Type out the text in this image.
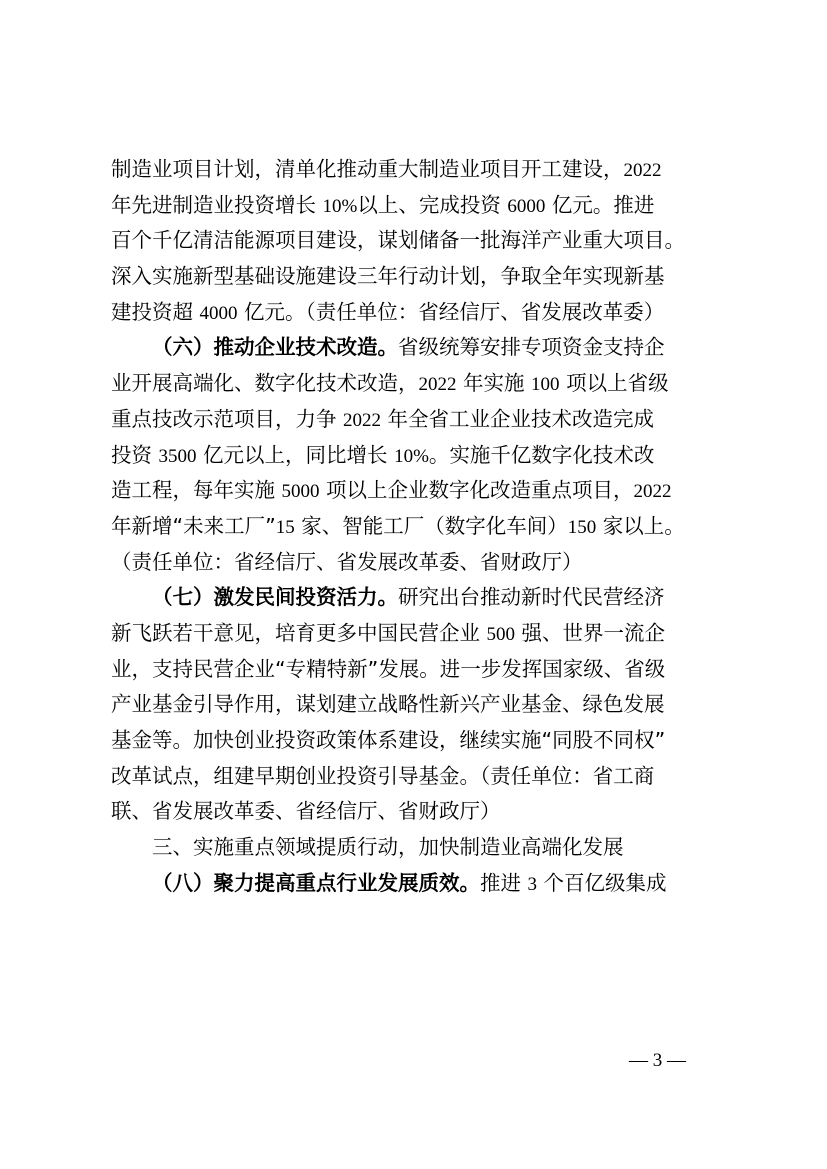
制造业项目计划，清单化推动重大制造业项目开工建设，2022
年先进制造业投资增长 10%以上、完成投资 6000 亿元。推进
百个千亿清洁能源项目建设，谋划储备一批海洋产业重大项目。
深入实施新型基础设施建设三年行动计划，争取全年实现新基
建投资超 4000 亿元。（责任单位：省经信厅、省发展改革委）
（六）推动企业技术改造。省级统筹安排专项资金支持企
业开展高端化、数字化技术改造，2022 年实施 100 项以上省级
重点技改示范项目，力争 2022 年全省工业企业技术改造完成
投资 3500 亿元以上，同比增长 10%。实施千亿数字化技术改
造工程，每年实施 5000 项以上企业数字化改造重点项目，2022
年新增“未来工厂”15 家、智能工厂（数字化车间）150 家以上。
（责任单位：省经信厅、省发展改革委、省财政厅）
（七）激发民间投资活力。研究出台推动新时代民营经济
新飞跃若干意见，培育更多中国民营企业 500 强、世界一流企
业，支持民营企业“专精特新”发展。进一步发挥国家级、省级
产业基金引导作用，谋划建立战略性新兴产业基金、绿色发展
基金等。加快创业投资政策体系建设，继续实施“同股不同权”
改革试点，组建早期创业投资引导基金。（责任单位：省工商
联、省发展改革委、省经信厅、省财政厅）
三、实施重点领域提质行动，加快制造业高端化发展
（八）聚力提高重点行业发展质效。推进 3 个百亿级集成
— 3 —
